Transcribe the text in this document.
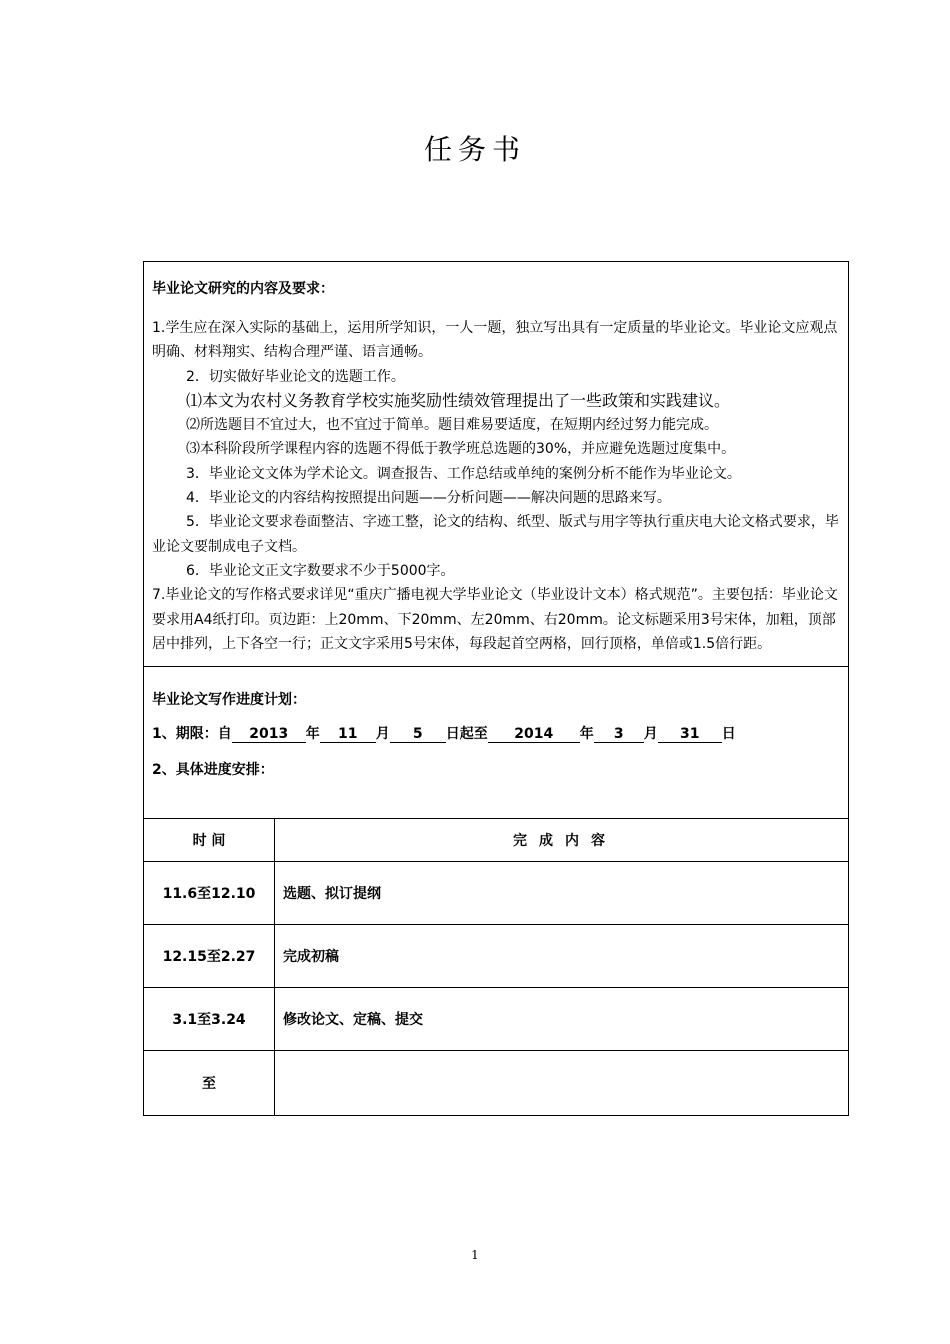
任务书
毕业论文研究的内容及要求：

1.学生应在深入实际的基础上，运用所学知识，一人一题，独立写出具有一定质量的毕业论文。毕业论文应观点明确、材料翔实、结构合理严谨、语言通畅。

2．切实做好毕业论文的选题工作。

⑴本文为农村义务教育学校实施奖励性绩效管理提出了一些政策和实践建议。

⑵所选题目不宜过大，也不宜过于简单。题目难易要适度，在短期内经过努力能完成。

⑶本科阶段所学课程内容的选题不得低于教学班总选题的30%，并应避免选题过度集中。

3．毕业论文文体为学术论文。调查报告、工作总结或单纯的案例分析不能作为毕业论文。

4．毕业论文的内容结构按照提出问题——分析问题——解决问题的思路来写。

5．毕业论文要求卷面整洁、字迹工整，论文的结构、纸型、版式与用字等执行重庆电大论文格式要求，毕业论文要制成电子文档。

6．毕业论文正文字数要求不少于5000字。

7.毕业论文的写作格式要求详见“重庆广播电视大学毕业论文（毕业设计文本）格式规范”。主要包括：毕业论文要求用A4纸打印。页边距：上20mm、下20mm、左20mm、右20mm。论文标题采用3号宋体，加粗，顶部居中排列，上下各空一行；正文文字采用5号宋体，每段起首空两格，回行顶格，单倍或1.5倍行距。

毕业论文写作进度计划：
1、期限：自	2013	年	11	月	5	日起至	2014	年	3	月	31	日
2、具体进度安排：
时 间	完成内容
11.6至12.10	选题、拟订提纲
12.15至2.27	完成初稿
3.1至3.24	修改论文、定稿、提交
至	
1
